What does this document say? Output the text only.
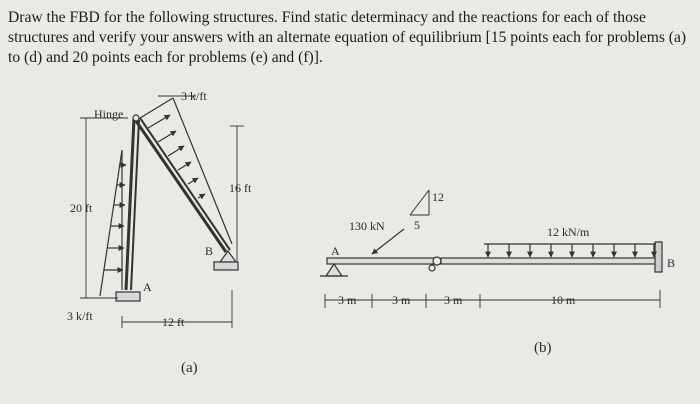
Draw the FBD for the following structures. Find static determinacy and the reactions for each of those structures and verify your answers with an alternate equation of equilibrium [15 points each for problems (a) to (d) and 20 points each for problems (e) and (f)].

3 k/ft
Hinge
20 ft
16 ft
3 k/ft	12 ft
A
B
(a)
130 kN
12
5	12 kN/m
A
B
3 m	3 m	3 m	10 m
(b)
